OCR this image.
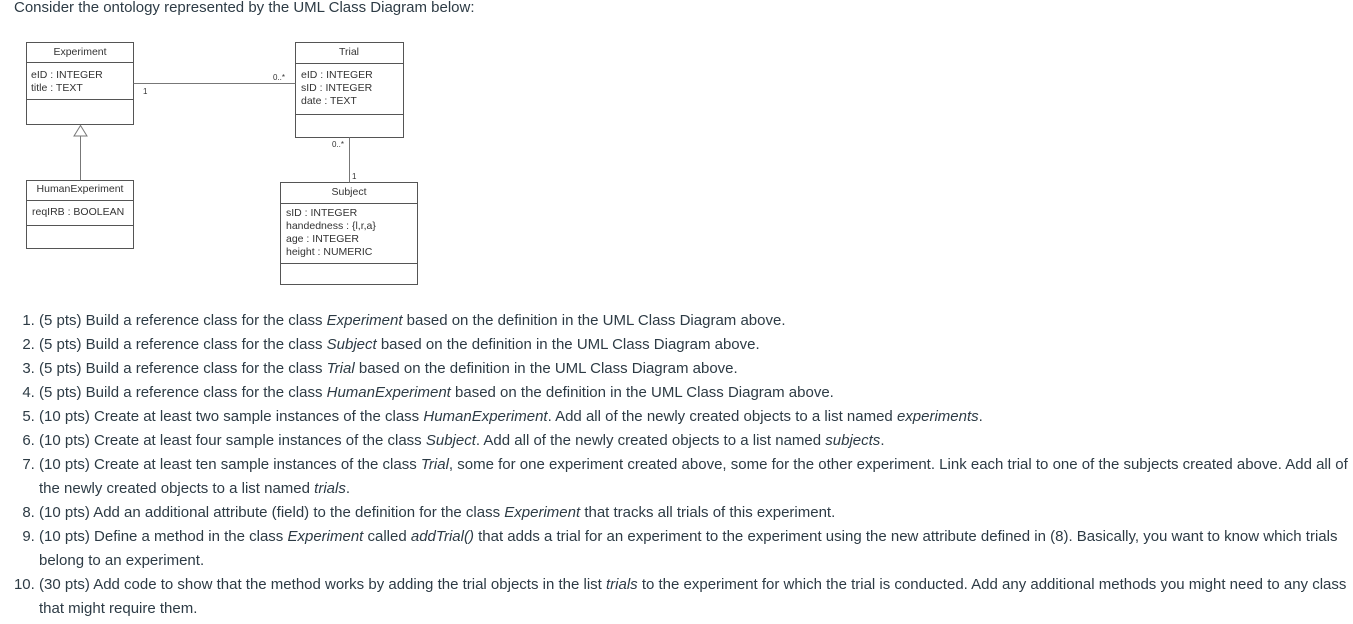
Consider the ontology represented by the UML Class Diagram below:
Experiment
eID : INTEGER
title : TEXT
Trial
eID : INTEGER
sID : INTEGER
date : TEXT
HumanExperiment
reqIRB : BOOLEAN
Subject
sID : INTEGER
handedness : {l,r,a}
age : INTEGER
height : NUMERIC
1
0..*
0..*
1
1. (5 pts) Build a reference class for the class Experiment based on the definition in the UML Class Diagram above.
2. (5 pts) Build a reference class for the class Subject based on the definition in the UML Class Diagram above.
3. (5 pts) Build a reference class for the class Trial based on the definition in the UML Class Diagram above.
4. (5 pts) Build a reference class for the class HumanExperiment based on the definition in the UML Class Diagram above.
5. (10 pts) Create at least two sample instances of the class HumanExperiment. Add all of the newly created objects to a list named experiments.
6. (10 pts) Create at least four sample instances of the class Subject. Add all of the newly created objects to a list named subjects.
7. (10 pts) Create at least ten sample instances of the class Trial, some for one experiment created above, some for the other experiment. Link each trial to one of the subjects created above. Add all of the newly created objects to a list named trials.
8. (10 pts) Add an additional attribute (field) to the definition for the class Experiment that tracks all trials of this experiment.
9. (10 pts) Define a method in the class Experiment called addTrial() that adds a trial for an experiment to the experiment using the new attribute defined in (8). Basically, you want to know which trials belong to an experiment.
10. (30 pts) Add code to show that the method works by adding the trial objects in the list trials to the experiment for which the trial is conducted. Add any additional methods you might need to any class that might require them.
